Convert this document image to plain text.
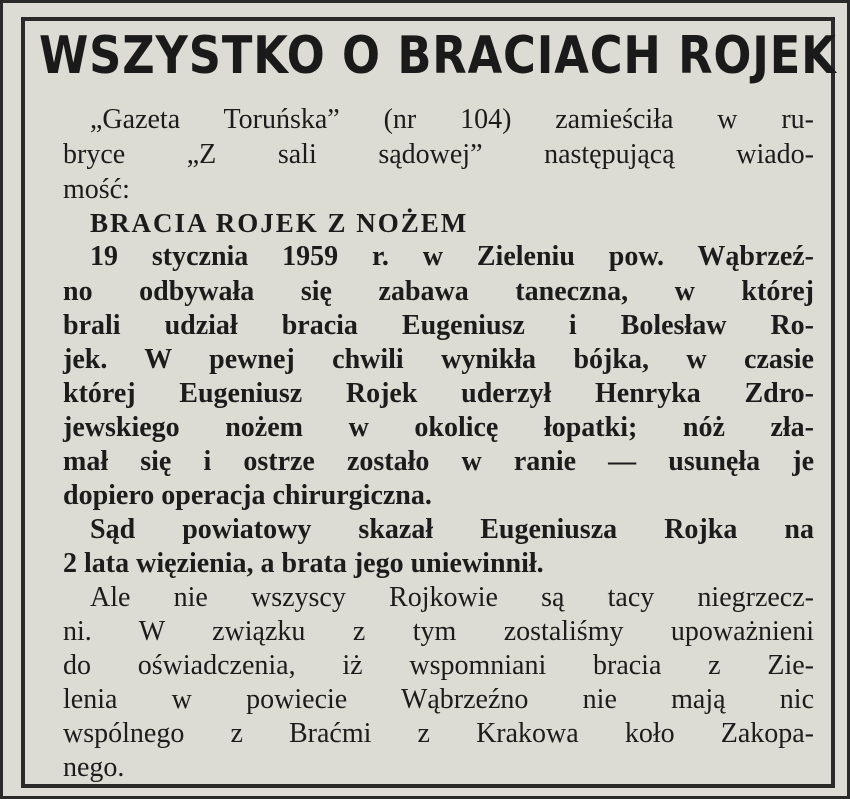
WSZYSTKO O BRACIACH ROJEK

„Gazeta Toruńska” (nr 104) zamieściła w ru-

bryce „Z sali sądowej” następującą wiado-

mość:

BRACIA ROJEK Z NOŻEM

19 stycznia 1959 r. w Zieleniu pow. Wąbrzeź-

no odbywała się zabawa taneczna, w której

brali udział bracia Eugeniusz i Bolesław Ro-

jek. W pewnej chwili wynikła bójka, w czasie

której Eugeniusz Rojek uderzył Henryka Zdro-

jewskiego nożem w okolicę łopatki; nóż zła-

mał się i ostrze zostało w ranie — usunęła je

dopiero operacja chirurgiczna.

Sąd powiatowy skazał Eugeniusza Rojka na

2 lata więzienia, a brata jego uniewinnił.

Ale nie wszyscy Rojkowie są tacy niegrzecz-

ni. W związku z tym zostaliśmy upoważnieni

do oświadczenia, iż wspomniani bracia z Zie-

lenia w powiecie Wąbrzeźno nie mają nic

wspólnego z Braćmi z Krakowa koło Zakopa-

nego.
